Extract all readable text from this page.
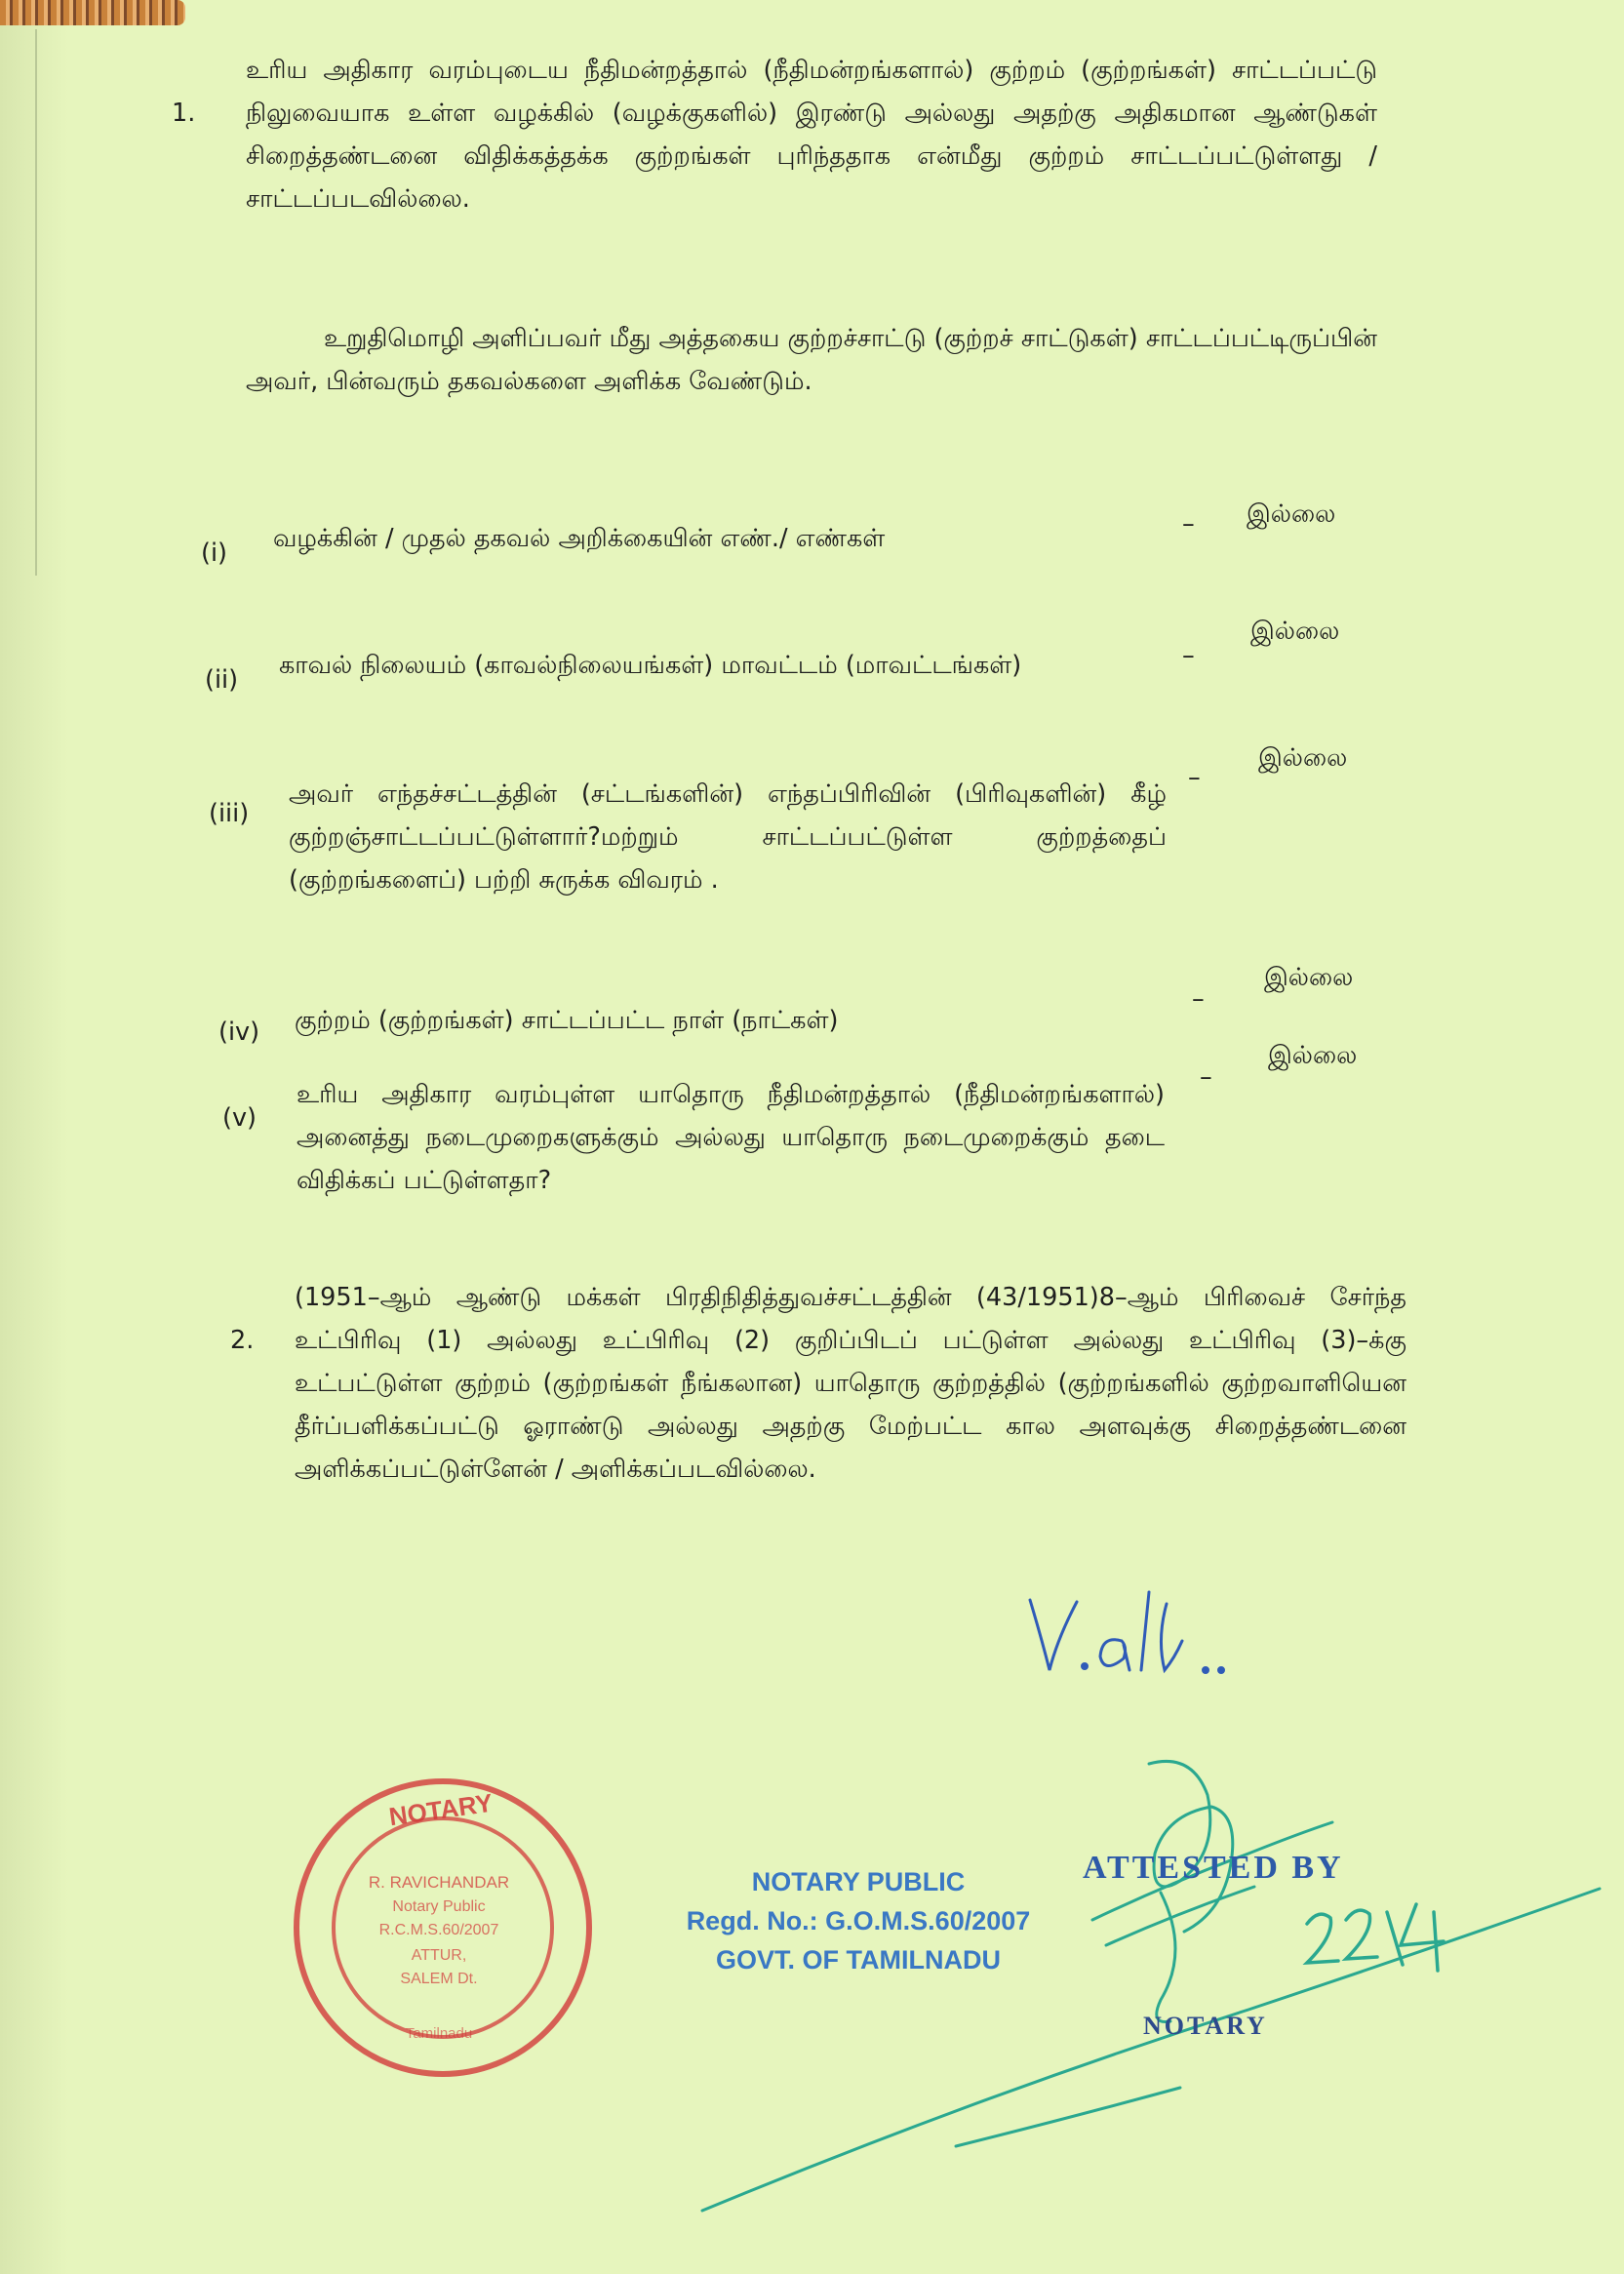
1.
உரிய அதிகார வரம்புடைய நீதிமன்றத்தால் (நீதிமன்றங்களால்) குற்றம் (குற்றங்கள்) சாட்டப்பட்டு நிலுவையாக உள்ள வழக்கில் (வழக்குகளில்) இரண்டு அல்லது அதற்கு அதிகமான ஆண்டுகள் சிறைத்தண்டனை விதிக்கத்தக்க குற்றங்கள் புரிந்ததாக என்மீது குற்றம் சாட்டப்பட்டுள்ளது / சாட்டப்படவில்லை.
உறுதிமொழி அளிப்பவர் மீது அத்தகைய குற்றச்சாட்டு (குற்றச் சாட்டுகள்) சாட்டப்பட்டிருப்பின் அவர், பின்வரும் தகவல்களை அளிக்க வேண்டும்.
(i) வழக்கின் / முதல் தகவல் அறிக்கையின் எண்./ எண்கள்	– இல்லை
(ii) காவல் நிலையம் (காவல்நிலையங்கள்) மாவட்டம் (மாவட்டங்கள்)	–
இல்லை
(iii)
அவர் எந்தச்சட்டத்தின் (சட்டங்களின்) எந்தப்பிரிவின் (பிரிவுகளின்) கீழ் குற்றஞ்சாட்டப்பட்டுள்ளார்?மற்றும் சாட்டப்பட்டுள்ள குற்றத்தைப் (குற்றங்களைப்) பற்றி சுருக்க விவரம் .
–
இல்லை
(iv) குற்றம் (குற்றங்கள்) சாட்டப்பட்ட நாள் (நாட்கள்)
–
இல்லை
(v)
உரிய அதிகார வரம்புள்ள யாதொரு நீதிமன்றத்தால் (நீதிமன்றங்களால்) அனைத்து நடைமுறைகளுக்கும் அல்லது யாதொரு நடைமுறைக்கும் தடை விதிக்கப் பட்டுள்ளதா?
–
இல்லை
2.
(1951–ஆம் ஆண்டு மக்கள் பிரதிநிதித்துவச்சட்டத்தின் (43/1951)8–ஆம் பிரிவைச் சேர்ந்த உட்பிரிவு (1) அல்லது உட்பிரிவு (2) குறிப்பிடப் பட்டுள்ள அல்லது உட்பிரிவு (3)–க்கு உட்பட்டுள்ள குற்றம் (குற்றங்கள் நீங்கலான) யாதொரு குற்றத்தில் (குற்றங்களில் குற்றவாளியென தீர்ப்பளிக்கப்பட்டு ஓராண்டு அல்லது அதற்கு மேற்பட்ட கால அளவுக்கு சிறைத்தண்டனை அளிக்கப்பட்டுள்ளேன் / அளிக்கப்படவில்லை.
NOTARY
R. RAVICHANDAR
Notary Public
R.C.M.S.60/2007
ATTUR,
SALEM Dt.
Tamilnadu
NOTARY PUBLIC
Regd. No.: G.O.M.S.60/2007
GOVT. OF TAMILNADU
ATTESTED BY
NOTARY
